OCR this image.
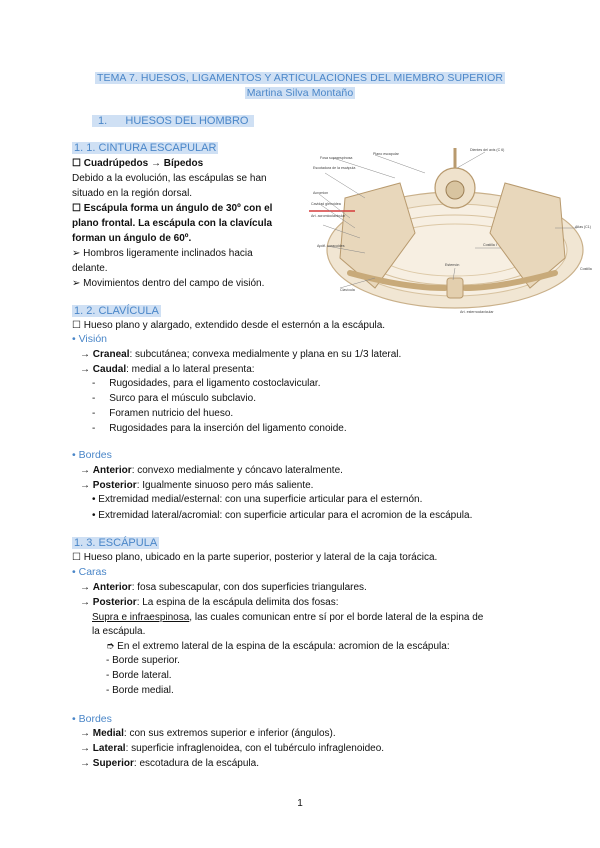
TEMA 7. HUESOS, LIGAMENTOS Y ARTICULACIONES DEL MIEMBRO SUPERIOR
Martina Silva Montaño
1. HUESOS DEL HOMBRO
1. 1. CINTURA ESCAPULAR
☐ Cuadrúpedos → Bípedos
Debido a la evolución, las escápulas se han
situado en la región dorsal.
☐ Escápula forma un ángulo de 30º con el
plano frontal. La escápula con la clavícula
forman un ángulo de 60º.
➢ Hombros ligeramente inclinados hacia
delante.
➢ Movimientos dentro del campo de visión.
Fosa supraespinosa
Plano escapular
Dientes del axis (C 6)
Escotadura de la escápula
Acromion
Cavidad glenoidea
Art. acromioclavicular
Apófi. coracoides
Clavícula
Esternón
Costilla I
Atlas (C1)
Costilla
Art. esternoclavicular
1. 2. CLAVÍCULA
☐ Hueso plano y alargado, extendido desde el esternón a la escápula.
• Visión
→ Craneal: subcutánea; convexa medialmente y plana en su 1/3 lateral.
→ Caudal: medial a lo lateral presenta:
- Rugosidades, para el ligamento costoclavicular.
- Surco para el músculo subclavio.
- Foramen nutricio del hueso.
- Rugosidades para la inserción del ligamento conoide.
• Bordes
→ Anterior: convexo medialmente y cóncavo lateralmente.
→ Posterior: Igualmente sinuoso pero más saliente.
• Extremidad medial/esternal: con una superficie articular para el esternón.
• Extremidad lateral/acromial: con superficie articular para el acromion de la escápula.
1. 3. ESCÁPULA
☐ Hueso plano, ubicado en la parte superior, posterior y lateral de la caja torácica.
• Caras
→ Anterior: fosa subescapular, con dos superficies triangulares.
→ Posterior: La espina de la escápula delimita dos fosas:
Supra e infraespinosa, las cuales comunican entre sí por el borde lateral de la espina de
la escápula.
➮ En el extremo lateral de la espina de la escápula: acromion de la escápula:
- Borde superior.
- Borde lateral.
- Borde medial.
• Bordes
→ Medial: con sus extremos superior e inferior (ángulos).
→ Lateral: superficie infraglenoidea, con el tubérculo infraglenoideo.
→ Superior: escotadura de la escápula.
1
